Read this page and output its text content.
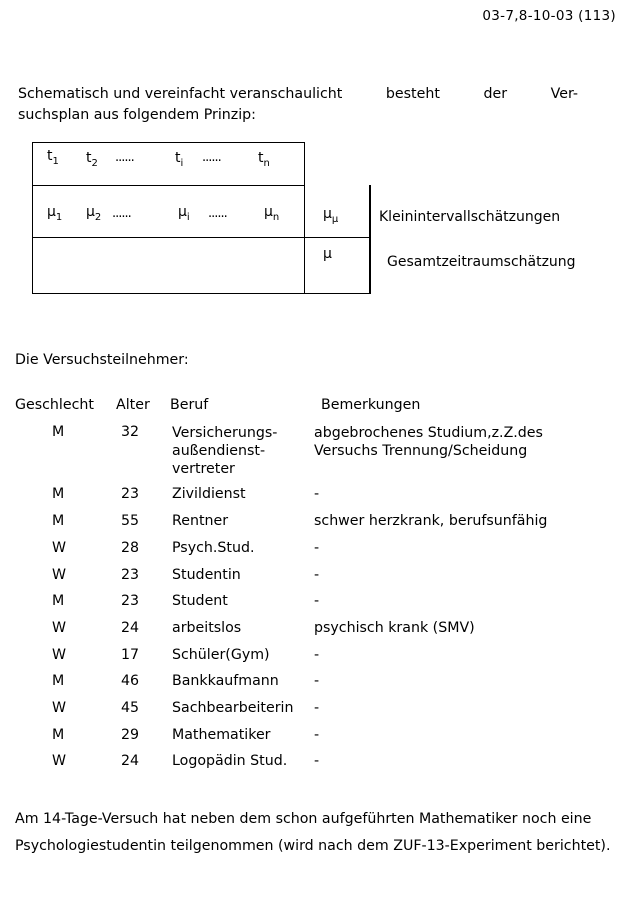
03-7,8-10-03 (113)
Schematisch und vereinfacht veranschaulicht	besteht	der	Ver-
suchsplan aus folgendem Prinzip:
$t_1$ $t_2$ ......	$t_i$ ......	$t_n$
$\mu_1$ $\mu_2$ ......	$\mu_i$ ......	$\mu_n$	$\mu_\mu$
μ
Kleinintervallschätzungen
Gesamtzeitraumschätzung
Die Versuchsteilnehmer:
Geschlecht Alter Beruf	Bemerkungen
M	32 Versicherungs-
außendienst-
vertreter
abgebrochenes Studium,z.Z.des
Versuchs Trennung/Scheidung
M	23 Zivildienst	-
M	55 Rentner	schwer herzkrank, berufsunfähig
W	28 Psych.Stud.	-
W	23 Studentin	-
M	23 Student	-
W	24 arbeitslos	psychisch krank (SMV)
W	17 Schüler(Gym)	-
M	46 Bankkaufmann -
W	45 Sachbearbeiterin -
M	29 Mathematiker	-
W	24 Logopädin Stud. -
Am 14-Tage-Versuch hat neben dem schon aufgeführten Mathematiker noch eine Psychologiestudentin teilgenommen (wird nach dem ZUF-13-Experiment berichtet).
